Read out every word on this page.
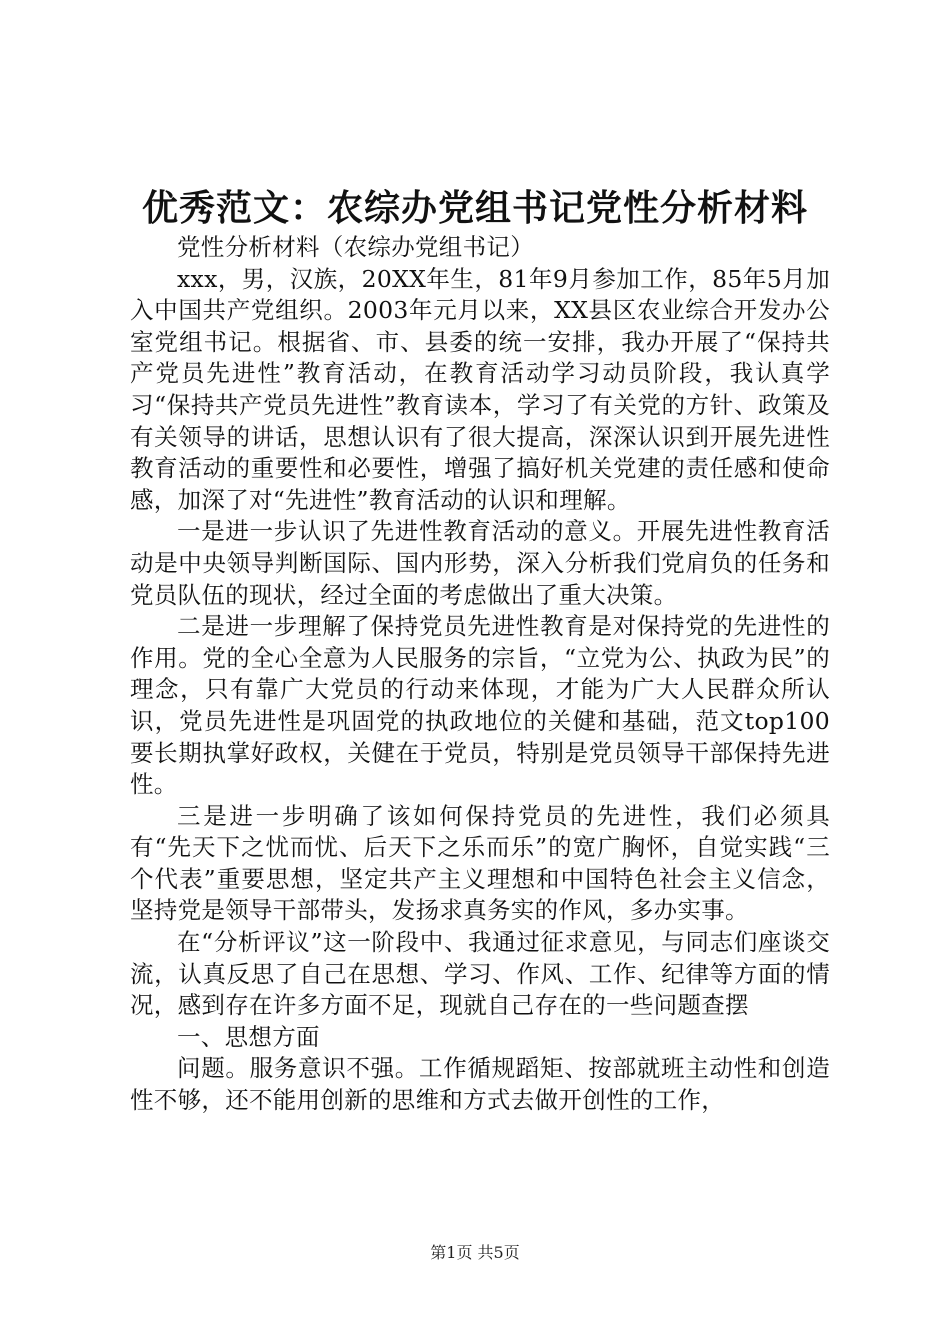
优秀范文：农综办党组书记党性分析材料

党性分析材料（农综办党组书记）

xxx，男，汉族，20XX年生，81年9月参加工作，85年5月加入中国共产党组织。2003年元月以来，XX县区农业综合开发办公室党组书记。根据省、市、县委的统一安排，我办开展了“保持共产党员先进性”教育活动，在教育活动学习动员阶段，我认真学习“保持共产党员先进性”教育读本，学习了有关党的方针、政策及有关领导的讲话，思想认识有了很大提高，深深认识到开展先进性教育活动的重要性和必要性，增强了搞好机关党建的责任感和使命感，加深了对“先进性”教育活动的认识和理解。

一是进一步认识了先进性教育活动的意义。开展先进性教育活动是中央领导判断国际、国内形势，深入分析我们党肩负的任务和党员队伍的现状，经过全面的考虑做出了重大决策。

二是进一步理解了保持党员先进性教育是对保持党的先进性的作用。党的全心全意为人民服务的宗旨，“立党为公、执政为民”的理念，只有靠广大党员的行动来体现，才能为广大人民群众所认识，党员先进性是巩固党的执政地位的关健和基础，范文top100要长期执掌好政权，关健在于党员，特别是党员领导干部保持先进性。

三是进一步明确了该如何保持党员的先进性，我们必须具有“先天下之忧而忧、后天下之乐而乐”的宽广胸怀，自觉实践“三个代表”重要思想，坚定共产主义理想和中国特色社会主义信念，坚持党是领导干部带头，发扬求真务实的作风，多办实事。

在“分析评议”这一阶段中、我通过征求意见，与同志们座谈交流，认真反思了自己在思想、学习、作风、工作、纪律等方面的情况，感到存在许多方面不足，现就自己存在的一些问题查摆

一、思想方面

问题。服务意识不强。工作循规蹈矩、按部就班主动性和创造性不够，还不能用创新的思维和方式去做开创性的工作，

第1页 共5页
